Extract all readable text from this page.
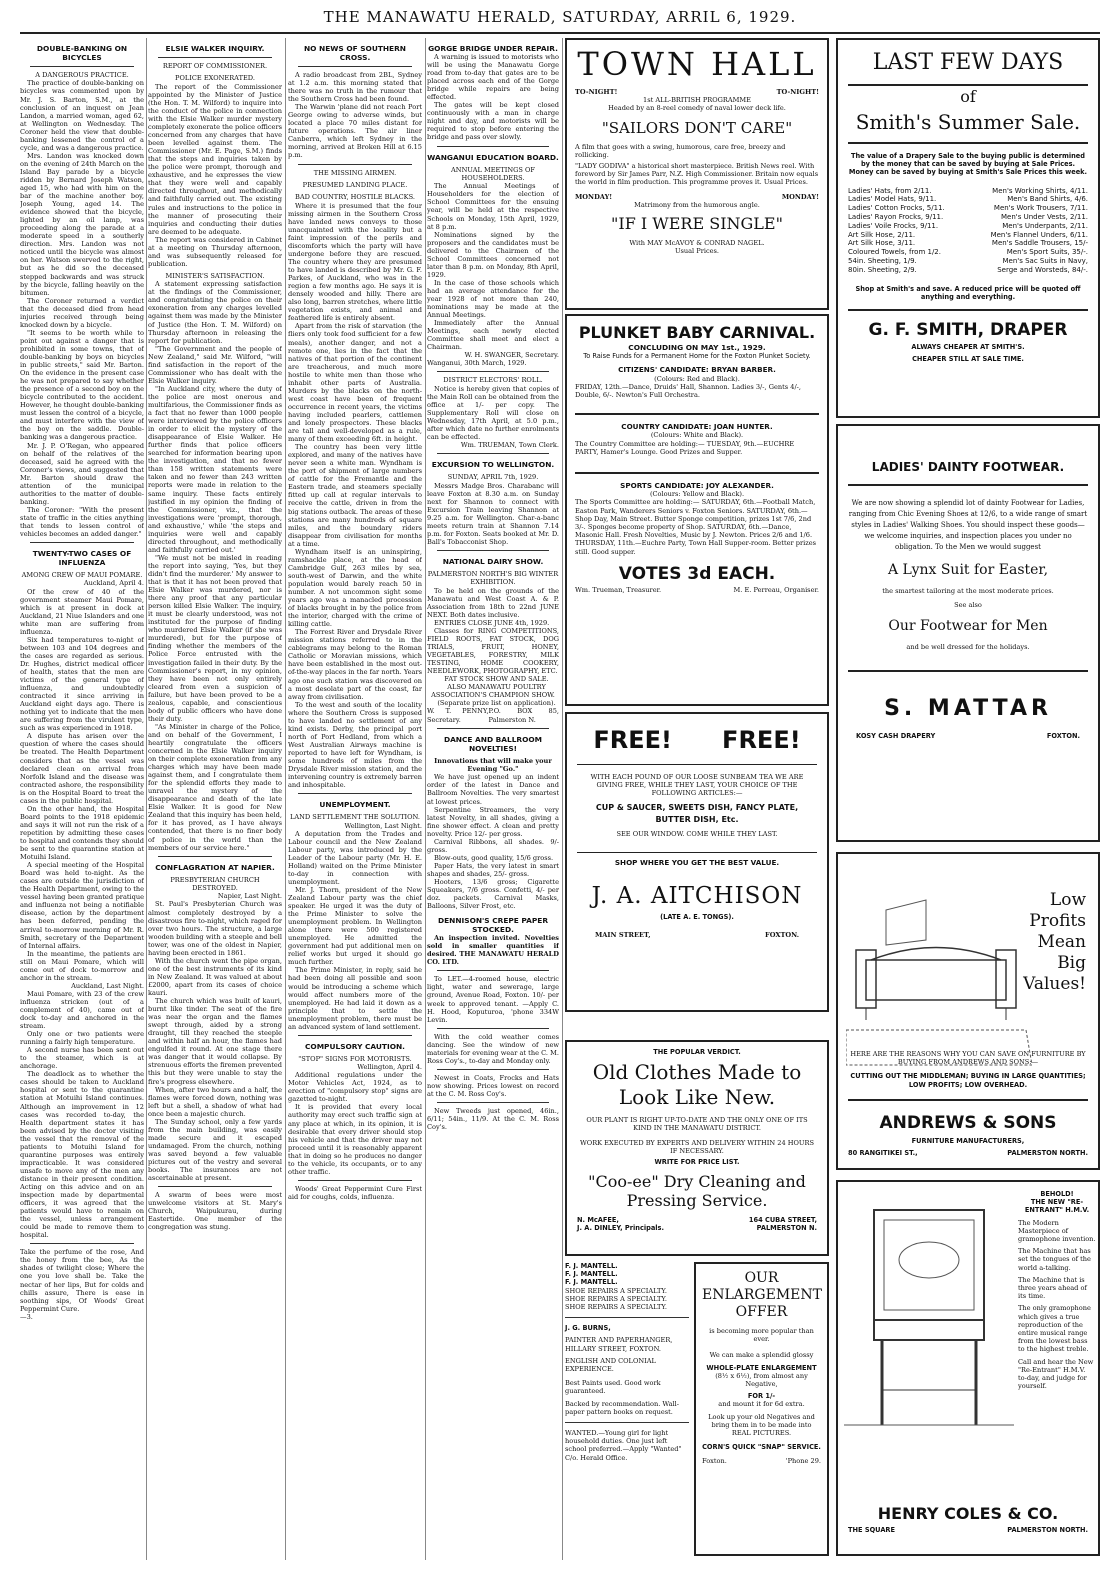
THE MANAWATU HERALD, SATURDAY, ARRIL 6, 1929.
DOUBLE-BANKING ON BICYCLES
A DANGEROUS PRACTICE.

The practice of double-banking on bicycles was commented upon by Mr. J. S. Barton, S.M., at the conclusion of an inquest on Jean Landon, a married woman, aged 62, at Wellington on Wednesday. The Coroner held the view that double-banking lessened the control of a cycle, and was a dangerous practice.

Mrs. Landon was knocked down on the evening of 24th March on the Island Bay parade by a bicycle ridden by Bernard Joseph Watson, aged 15, who had with him on the bar of the machine another boy, Joseph Young, aged 14. The evidence showed that the bicycle, lighted by an oil lamp, was proceeding along the parade at a moderate speed in a southerly direction. Mrs. Landon was not noticed until the bicycle was almost on her. Watson swerved to the right, but as he did so the deceased stepped backwards and was struck by the bicycle, falling heavily on the bitumen.

The Coroner returned a verdict that the deceased died from head injuries received through being knocked down by a bicycle.

"It seems to be worth while to point out against a danger that is prohibited in some towns, that of double-banking by boys on bicycles in public streets," said Mr. Barton. On the evidence in the present case he was not prepared to say whether the presence of a second boy on the bicycle contributed to the accident. However, he thought double-banking must lessen the control of a bicycle, and must interfere with the view of the boy on the saddle. Double-banking was a dangerous practice.

Mr. J. P. O'Regan, who appeared on behalf of the relatives of the deceased, said he agreed with the Coroner's views, and suggested that Mr. Barton should draw the attention of the municipal authorities to the matter of double-banking.

The Coroner: "With the present state of traffic in the cities anything that tends to lessen control of vehicles becomes an added danger."

TWENTY-TWO CASES OF INFLUENZA
AMONG CREW OF MAUI POMARE.
Auckland, April 4.

Of the crew of 40 of the government steamer Maui Pomare, which is at present in dock at Auckland, 21 Niue Islanders and one white man are suffering from influenza.

Six had temperatures to-night of between 103 and 104 degrees and the cases are regarded as serious. Dr. Hughes, district medical officer of health, states that the men are victims of the general type of influenza, and undoubtedly contracted it since arriving in Auckland eight days ago. There is nothing yet to indicate that the men are suffering from the virulent type, such as was experienced in 1918.

A dispute has arisen over the question of where the cases should be treated. The Health Department considers that as the vessel was declared clean on arrival from Norfolk Island and the disease was contracted ashore, the responsibility is on the Hospital Board to treat the cases in the public hospital.

On the other hand, the Hospital Board points to the 1918 epidemic and says it will not run the risk of a repetition by admitting these cases to hospital and contends they should be sent to the quarantine station at Motuihi Island.

A special meeting of the Hospital Board was held to-night. As the cases are outside the jurisdiction of the Health Department, owing to the vessel having been granted pratique and influenza not being a notifiable disease, action by the department has been deferred, pending the arrival to-morrow morning of Mr. R. Smith, secretary of the Department of Internal affairs.

In the meantime, the patients are still on Maui Pomare, which will come out of dock to-morrow and anchor in the stream.

Auckland, Last Night.

Maui Pomare, with 23 of the crew influenza stricken (out of a complement of 40), came out of dock to-day and anchored in the stream.

Only one or two patients were running a fairly high temperature.

A second nurse has been sent out to the steamer, which is at anchorage.

The deadlock as to whether the cases should be taken to Auckland hospital or sent to the quarantine station at Motuihi Island continues. Although an improvement in 12 cases was recorded to-day, the Health department states it has been advised by the doctor visiting the vessel that the removal of the patients to Motuihi Island for quarantine purposes was entirely impracticable. It was considered unsafe to move any of the men any distance in their present condition. Acting on this advice and on an inspection made by departmental officers, it was agreed that the patients would have to remain on the vessel, unless arrangement could be made to remove them to hospital.

Take the perfume of the rose, And the honey from the bee, As the shades of twilight close; Where the one you love shall be. Take the nectar of her lips, But for colds and chills assure, There is ease in soothing sips, Of Woods' Great Peppermint Cure.

—3.
ELSIE WALKER INQUIRY.
REPORT OF COMMISSIONER.
POLICE EXONERATED.

The report of the Commissioner appointed by the Minister of Justice (the Hon. T. M. Wilford) to inquire into the conduct of the police in connection with the Elsie Walker murder mystery completely exonerate the police officers concerned from any charges that have been levelled against them. The Commissioner (Mr. E. Page, S.M.) finds that the steps and inquiries taken by the police were prompt, thorough and exhaustive, and he expresses the view that they were well and capably directed throughout, and methodically and faithfully carried out. The existing rules and instructions to the police in the manner of prosecuting their inquiries and conducting their duties are deemed to be adequate.

The report was considered in Cabinet at a meeting on Thursday afternoon, and was subsequently released for publication.

MINISTER'S SATISFACTION.

A statement expressing satisfaction at the findings of the Commissioner, and congratulating the police on their exoneration from any charges levelled against them was made by the Minister of Justice (the Hon. T. M. Wilford) on Thursday afternoon in releasing the report for publication.

"The Government and the people of New Zealand," said Mr. Wilford, "will find satisfaction in the report of the Commissioner who has dealt with the Elsie Walker inquiry.

"In Auckland city, where the duty of the police are most onerous and multifarious, the Commissioner finds as a fact that no fewer than 1000 people were interviewed by the police officers in order to elicit the mystery of the disappearance of Elsie Walker. He further finds that police officers searched for information bearing upon the investigation, and that no fewer than 158 written statements were taken and no fewer than 243 written reports were made in relation to the same inquiry. These facts entirely justified in my opinion the finding of the Commissioner, viz., that the investigations were 'prompt, thorough, and exhaustive,' while 'the steps and inquiries were well and capably directed throughout, and methodically and faithfully carried out.'

"We must not be misled in reading the report into saying, 'Yes, but they didn't find the murderer.' My answer to that is that it has not been proved that Elsie Walker was murdered, nor is there any proof that any particular person killed Elsie Walker. The inquiry, it must be clearly understood, was not instituted for the purpose of finding who murdered Elsie Walker (if she was murdered), but for the purpose of finding whether the members of the Police Force entrusted with the investigation failed in their duty. By the Commissioner's report, in my opinion, they have been not only entirely cleared from even a suspicion of failure, but have been proved to be a zealous, capable, and conscientious body of public officers who have done their duty.

"As Minister in charge of the Police, and on behalf of the Government, I heartily congratulate the officers concerned in the Elsie Walker inquiry on their complete exoneration from any charges which may have been made against them, and I congratulate them for the splendid efforts they made to unravel the mystery of the disappearance and death of the late Elsie Walker. It is good for New Zealand that this inquiry has been held, for it has proved, as I have always contended, that there is no finer body of police in the world than the members of our service here."

CONFLAGRATION AT NAPIER.
PRESBYTERIAN CHURCH DESTROYED.
Napier, Last Night.

St. Paul's Presbyterian Church was almost completely destroyed by a disastrous fire to-night, which raged for over two hours. The structure, a large wooden building with a steeple and bell tower, was one of the oldest in Napier, having been erected in 1861.

With the church went the pipe organ, one of the best instruments of its kind in New Zealand. It was valued at about £2000, apart from its cases of choice kauri.

The church which was built of kauri, burnt like tinder. The seat of the fire was near the organ and the flames swept through, aided by a strong draught, till they reached the steeple and within half an hour, the flames had engulfed it round. At one stage there was danger that it would collapse. By strenuous efforts the firemen prevented this but they were unable to stay the fire's progress elsewhere.

When, after two hours and a half, the flames were forced down, nothing was left but a shell, a shadow of what had once been a majestic church.

The Sunday school, only a few yards from the main building, was easily made secure and it escaped undamaged. From the church, nothing was saved beyond a few valuable pictures out of the vestry and several books. The insurances are not ascertainable at present.

A swarm of bees were most unwelcome visitors at St. Mary's Church, Waipukurau, during Eastertide. One member of the congregation was stung.

NO NEWS OF SOUTHERN CROSS.

A radio broadcast from 2BL, Sydney at 1.2 a.m. this morning stated that there was no truth in the rumour that the Southern Cross had been found.

The Warwin 'plane did not reach Port George owing to adverse winds, but located a place 70 miles distant for future operations. The air liner Canberra, which left Sydney in the morning, arrived at Broken Hill at 6.15 p.m.

THE MISSING AIRMEN.
PRESUMED LANDING PLACE.
BAD COUNTRY, HOSTILE BLACKS.

Where it is presumed that the four missing airmen in the Southern Cross have landed news conveys to those unacquainted with the locality but a faint impression of the perils and discomforts which the party will have undergone before they are rescued. The country where they are presumed to have landed is described by Mr. G. F. Parkes, of Auckland, who was in the region a few months ago. He says it is densely wooded and hilly. There are also long, barren stretches, where little vegetation exists, and animal and feathered life is entirely absent.

Apart from the risk of starvation (the fliers only took food sufficient for a few meals), another danger, and not a remote one, lies in the fact that the natives of that portion of the continent are treacherous, and much more hostile to white men than those who inhabit other parts of Australia. Murders by the blacks on the north-west coast have been of frequent occurrence in recent years, the victims having included pearlers, cattlemen and lonely prospectors. These blacks are tall and well-developed as a rule, many of them exceeding 6ft. in height.

The country has been very little explored, and many of the natives have never seen a white man. Wyndham is the port of shipment of large numbers of cattle for the Fremantle and the Eastern trade, and steamers specially fitted up call at regular intervals to receive the cattle, driven in from the big stations outback. The areas of these stations are many hundreds of square miles, and the boundary riders disappear from civilisation for months at a time.

Wyndham itself is an uninspiring, ramshackle place, at the head of Cambridge Gulf, 263 miles by sea, south-west of Darwin, and the white population would barely reach 50 in number. A not uncommon sight some years ago was a manacled procession of blacks brought in by the police from the interior, charged with the crime of killing cattle.

The Forrest River and Drysdale River mission stations referred to in the cablegrams may belong to the Roman Catholic or Moravian missions, which have been established in the most out-of-the-way places in the far north. Years ago one such station was discovered on a most desolate part of the coast, far away from civilisation.

To the west and south of the locality where the Southern Cross is supposed to have landed no settlement of any kind exists. Derby, the principal port north of Port Hedland, from which a West Australian Airways machine is reported to have left for Wyndham, is some hundreds of miles from the Drysdale River mission station, and the intervening country is extremely barren and inhospitable.

UNEMPLOYMENT.
LAND SETTLEMENT THE SOLUTION.
Wellington, Last Night.

A deputation from the Trades and Labour council and the New Zealand Labour party, was introduced by the Leader of the Labour party (Mr. H. E. Holland) waited on the Prime Minister to-day in connection with unemployment.

Mr. J. Thorn, president of the New Zealand Labour party was the chief speaker. He urged it was the duty of the Prime Minister to solve the unemployment problem. In Wellington alone there were 500 registered unemployed. He admitted the government had put additional men on relief works but urged it should go much further.

The Prime Minister, in reply, said he had been doing all possible and soon would be introducing a scheme which would affect numbers more of the unemployed. He had laid it down as a principle that to settle the unemployment problem, there must be an advanced system of land settlement.

COMPULSORY CAUTION.
"STOP" SIGNS FOR MOTORISTS.
Wellington, April 4.

Additional regulations under the Motor Vehicles Act, 1924, as to erection of "compulsory stop" signs are gazetted to-night.

It is provided that every local authority may erect such traffic sign at any place at which, in its opinion, it is desirable that every driver should stop his vehicle and that the driver may not proceed until it is reasonably apparent that in doing so he produces no danger to the vehicle, its occupants, or to any other traffic.

Woods' Great Peppermint Cure First aid for coughs, colds, influenza.

GORGE BRIDGE UNDER REPAIR.

A warning is issued to motorists who will be using the Manawatu Gorge road from to-day that gates are to be placed across each end of the Gorge bridge while repairs are being effected.

The gates will be kept closed continuously with a man in charge night and day, and motorists will be required to stop before entering the bridge and pass over slowly.

WANGANUI EDUCATION BOARD.
ANNUAL MEETINGS OF HOUSEHOLDERS.

The Annual Meetings of Householders for the election of School Committees for the ensuing year, will be held at the respective Schools on Monday, 15th April, 1929, at 8 p.m.

Nominations signed by the proposers and the candidates must be delivered to the Chairmen of the School Committees concerned not later than 8 p.m. on Monday, 8th April, 1929.

In the case of those schools which had an average attendance for the year 1928 of not more than 240, nominations may be made at the Annual Meetings.

Immediately after the Annual Meetings, each newly elected Committee shall meet and elect a Chairman.

W. H. SWANGER, Secretary.
Wanganui, 30th March, 1929.
DISTRICT ELECTORS' ROLL.

Notice is hereby given that copies of the Main Roll can be obtained from the office at 1/- per copy. The Supplementary Roll will close on Wednesday, 17th April, at 5.0 p.m., after which date no further enrolments can be effected.

Wm. TRUEMAN, Town Clerk.
EXCURSION TO WELLINGTON.
SUNDAY, APRIL 7th, 1929.

Messrs Madge Bros. Charabanc will leave Foxton at 8.30 a.m. on Sunday next for Shannon to connect with Excursion Train leaving Shannon at 9.25 a.m. for Wellington. Char-a-banc meets return train at Shannon 7.14 p.m. for Foxton. Seats booked at Mr. D. Ball's Tobacconist Shop.

NATIONAL DAIRY SHOW.
PALMERSTON NORTH'S BIG WINTER EXHIBITION.

To be held on the grounds of the Manawatu and West Coast A. & P. Association from 18th to 22nd JUNE NEXT. Both dates inclusive.

ENTRIES CLOSE JUNE 4th, 1929.

Classes for RING COMPETITIONS, FIELD ROOTS, FAT STOCK, DOG TRIALS, FRUIT, HONEY, VEGETABLES, FORESTRY, MILK TESTING, HOME COOKERY, NEEDLEWORK, PHOTOGRAPHY, ETC.

FAT STOCK SHOW AND SALE.

ALSO MANAWATU POULTRY ASSOCIATION'S CHAMPION SHOW.

(Separate prize list on application).

W. T. PENNY, Secretary.
P.O. BOX 85, Palmerston N.
DANCE AND BALLROOM NOVELTIES!
Innovations that will make your Evening "Go."

We have just opened up an indent order of the latest in Dance and Ballroom Novelties. The very smartest at lowest prices.

Serpentine Streamers, the very latest Novelty, in all shades, giving a fine shower effect. A clean and pretty novelty. Price 12/- per gross.

Carnival Ribbons, all shades. 9/- gross.

Blow-outs, good quality, 15/6 gross.

Paper Hats, the very latest in smart shapes and shades, 25/- gross.

Hooters, 13/6 gross; Cigarette Squeakers, 7/6 gross. Confetti, 4/- per doz. packets. Carnival Masks, Balloons, Silver Frost, etc.

DENNISON'S CREPE PAPER STOCKED.

An inspection invited. Novelties sold in smaller quantities if desired. THE MANAWATU HERALD CO. LTD.

To LET.—4-roomed house, electric light, water and sewerage, large ground, Avenue Road, Foxton. 10/- per week to approved tenant. —Apply C. H. Hood, Koputuroa, 'phone 334W Levin.

With the cold weather comes dancing. See the window of new materials for evening wear at the C. M. Ross Coy's., to-day and Monday only.

Newest in Coats, Frocks and Hats now showing. Prices lowest on record at the C. M. Ross Coy's.

New Tweeds just opened, 46in., 6/11; 54in., 11/9. At the C. M. Ross Coy's.

TOWN HALL
TO-NIGHT!	TO-NIGHT!
1st ALL-BRITISH PROGRAMME
Headed by an 8-reel comedy of naval lower deck life.
"SAILORS DON'T CARE"
A film that goes with a swing, humorous, care free, breezy and rollicking.
"LADY GODIVA" a historical short masterpiece. British News reel. With foreword by Sir James Parr, N.Z. High Commissioner. Britain now equals the world in film production. This programme proves it. Usual Prices.
MONDAY!	MONDAY!
Matrimony from the humorous angle.
"IF I WERE SINGLE"
With MAY McAVOY & CONRAD NAGEL.
Usual Prices.
PLUNKET BABY CARNIVAL.
CONCLUDING ON MAY 1st., 1929.
To Raise Funds for a Permanent Home for the Foxton Plunket Society.
CITIZENS' CANDIDATE: BRYAN BARBER.
(Colours: Red and Black).
FRIDAY, 12th.—Dance, Druids' Hall, Shannon. Ladies 3/-, Gents 4/-, Double, 6/-. Newton's Full Orchestra.
COUNTRY CANDIDATE: JOAN HUNTER.
(Colours: White and Black).
The Country Committee are holding:— TUESDAY, 9th.—EUCHRE PARTY, Hamer's Lounge. Good Prizes and Supper.
SPORTS CANDIDATE: JOY ALEXANDER.
(Colours: Yellow and Black).
The Sports Committee are holding:— SATURDAY, 6th.—Football Match, Easton Park, Wanderers Seniors v. Foxton Seniors. SATURDAY, 6th.—Shop Day, Main Street. Butter Sponge competition, prizes 1st 7/6, 2nd 3/-. Sponges become property of Shop. SATURDAY, 6th.—Dance, Masonic Hall. Fresh Novelties, Music by J. Newton. Prices 2/6 and 1/6. THURSDAY, 11th.—Euchre Party, Town Hall Supper-room. Better prizes still. Good supper.
VOTES 3d EACH.
Wm. Trueman, Treasurer.	M. E. Perreau, Organiser.
FREE!      FREE!
WITH EACH POUND OF OUR LOOSE SUNBEAM TEA WE ARE GIVING FREE, WHILE THEY LAST, YOUR CHOICE OF THE FOLLOWING ARTICLES:—
CUP & SAUCER, SWEETS DISH, FANCY PLATE, BUTTER DISH, Etc.
SEE OUR WINDOW. COME WHILE THEY LAST.
SHOP WHERE YOU GET THE BEST VALUE.
J. A. AITCHISON
(LATE A. E. TONGS).
MAIN STREET,	FOXTON.
THE POPULAR VERDICT.
Old Clothes Made to Look Like New.
OUR PLANT IS RIGHT UP-TO-DATE AND THE ONLY ONE OF ITS KIND IN THE MANAWATU DISTRICT.
WORK EXECUTED BY EXPERTS AND DELIVERY WITHIN 24 HOURS IF NECESSARY.
WRITE FOR PRICE LIST.
"Coo-ee" Dry Cleaning and Pressing Service.
N. McAFEE,	164 CUBA STREET,
J. A. DINLEY, Principals.	PALMERSTON N.
F. J. MANTELL.
F. J. MANTELL.
F. J. MANTELL.
SHOE REPAIRS A SPECIALTY.
SHOE REPAIRS A SPECIALTY.
SHOE REPAIRS A SPECIALTY.
J. G. BURNS,
PAINTER AND PAPERHANGER, HILLARY STREET, FOXTON.
ENGLISH AND COLONIAL EXPERIENCE.
Best Paints used. Good work guaranteed.
Backed by recommendation. Wall-paper pattern books on request.
WANTED.—Young girl for light household duties. One just left school preferred.—Apply "Wanted" C/o. Herald Office.
OUR ENLARGEMENT OFFER
is becoming more popular than ever.
We can make a splendid glossy
WHOLE-PLATE ENLARGEMENT
(8½ x 6½), from almost any Negative,
FOR 1/-
and mount it for 6d extra.
Look up your old Negatives and bring them in to be made into REAL PICTURES.
CORN'S QUICK "SNAP" SERVICE.
Foxton.	'Phone 29.
LAST FEW DAYS
of
Smith's Summer Sale.
The value of a Drapery Sale to the buying public is determined by the money that can be saved by buying at Sale Prices. Money can be saved by buying at Smith's Sale Prices this week.
Ladies' Hats, from 2/11.
Ladies' Model Hats, 9/11.
Ladies' Cotton Frocks, 5/11.
Ladies' Rayon Frocks, 9/11.
Ladies' Voile Frocks, 9/11.
Art Silk Hose, 2/11.
Art Silk Hose, 3/11.
Coloured Towels, from 1/2.
54in. Sheeting, 1/9.
80in. Sheeting, 2/9.
Men's Working Shirts, 4/11.
Men's Band Shirts, 4/6.
Men's Work Trousers, 7/11.
Men's Under Vests, 2/11.
Men's Underpants, 2/11.
Men's Flannel Unders, 6/11.
Men's Saddle Trousers, 15/-
Men's Sport Suits, 35/-.
Men's Sac Suits in Navy,
Serge and Worsteds, 84/-.
Shop at Smith's and save. A reduced price will be quoted off anything and everything.
G. F. SMITH, DRAPER
ALWAYS CHEAPER AT SMITH'S.
CHEAPER STILL AT SALE TIME.
LADIES' DAINTY FOOTWEAR.
We are now showing a splendid lot of dainty Footwear for Ladies, ranging from Chic Evening Shoes at 12/6, to a wide range of smart styles in Ladies' Walking Shoes. You should inspect these goods—we welcome inquiries, and inspection places you under no obligation. To the Men we would suggest
A Lynx Suit for Easter,
the smartest tailoring at the most moderate prices.
See also
Our Footwear for Men
and be well dressed for the holidays.
S. MATTAR
KOSY CASH DRAPERY	FOXTON.
Low
Profits
Mean Big
Values!
HERE ARE THE REASONS WHY YOU CAN SAVE ON FURNITURE BY BUYING FROM ANDREWS AND SONS:—
CUTTING OUT THE MIDDLEMAN; BUYING IN LARGE QUANTITIES; LOW PROFITS; LOW OVERHEAD.
ANDREWS & SONS
FURNITURE MANUFACTURERS,
80 RANGITIKEI ST.,	PALMERSTON NORTH.
BEHOLD!
THE NEW "RE-ENTRANT" H.M.V.
The Modern Masterpiece of gramophone invention.
The Machine that has set the tongues of the world a-talking.
The Machine that is three years ahead of its time.
The only gramophone which gives a true reproduction of the entire musical range from the lowest bass to the highest treble.
Call and hear the New "Re-Entrant" H.M.V. to-day, and judge for yourself.
HENRY COLES & CO.
THE SQUARE	PALMERSTON NORTH.
